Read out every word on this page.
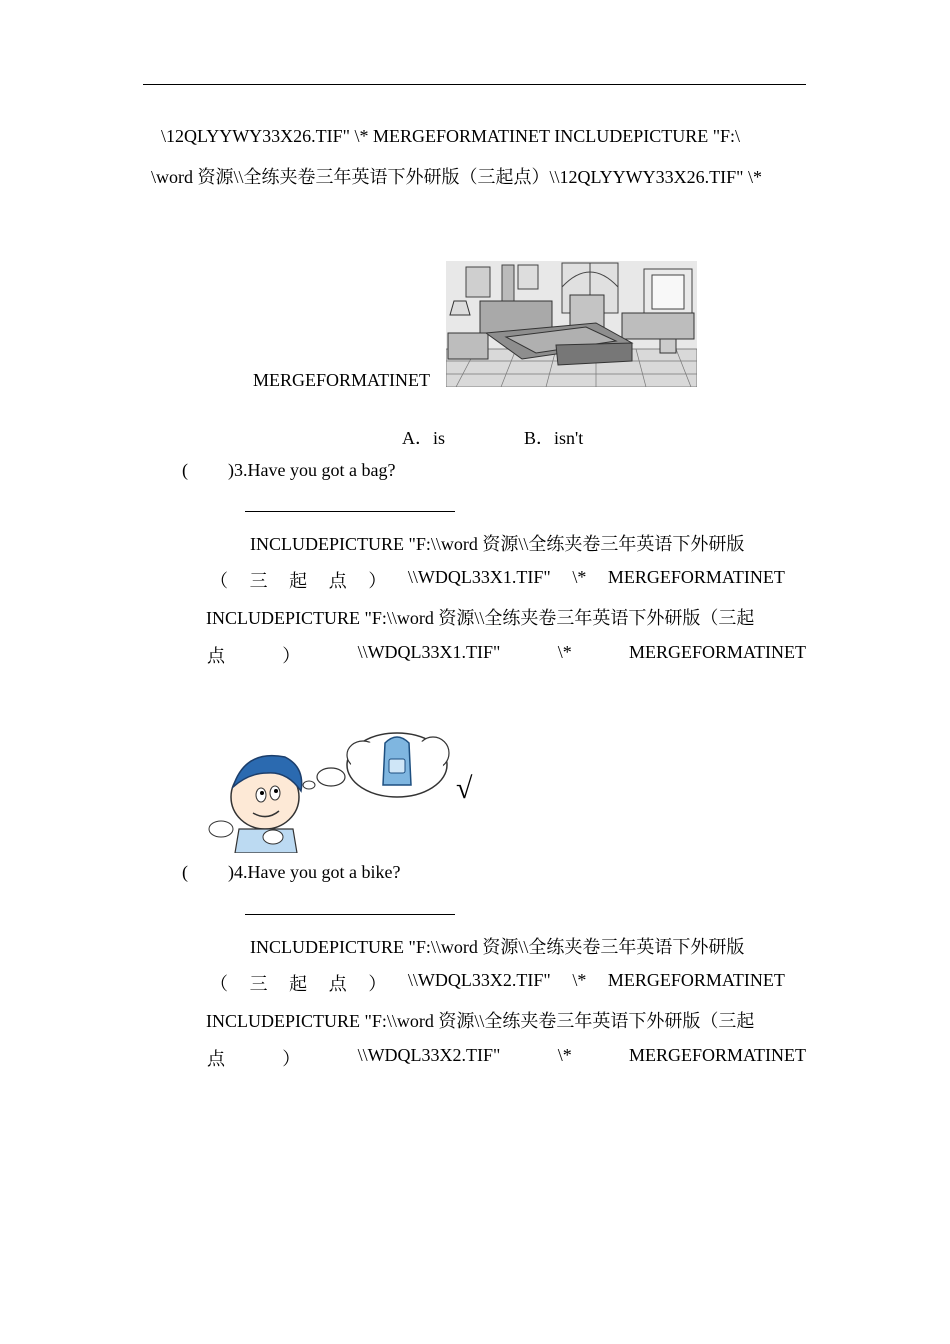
\12QLYYWY33X26.TIF" \* MERGEFORMATINET INCLUDEPICTURE "F:\
\word 资源\\全练夹卷三年英语下外研版（三起点）\\12QLYYWY33X26.TIF" \*
MERGEFORMATINET
A．is	B．isn't
( )3.Have you got a bag?
INCLUDEPICTURE "F:\\word 资源\\全练夹卷三年英语下外研版
（ 三 起 点 ） \\WDQL33X1.TIF" \* MERGEFORMATINET
INCLUDEPICTURE "F:\\word 资源\\全练夹卷三年英语下外研版（三起
点	）	\\WDQL33X1.TIF"	\*	MERGEFORMATINET
√
( )4.Have you got a bike?
INCLUDEPICTURE "F:\\word 资源\\全练夹卷三年英语下外研版
（ 三 起 点 ） \\WDQL33X2.TIF" \* MERGEFORMATINET
INCLUDEPICTURE "F:\\word 资源\\全练夹卷三年英语下外研版（三起
点	）	\\WDQL33X2.TIF"	\*	MERGEFORMATINET
